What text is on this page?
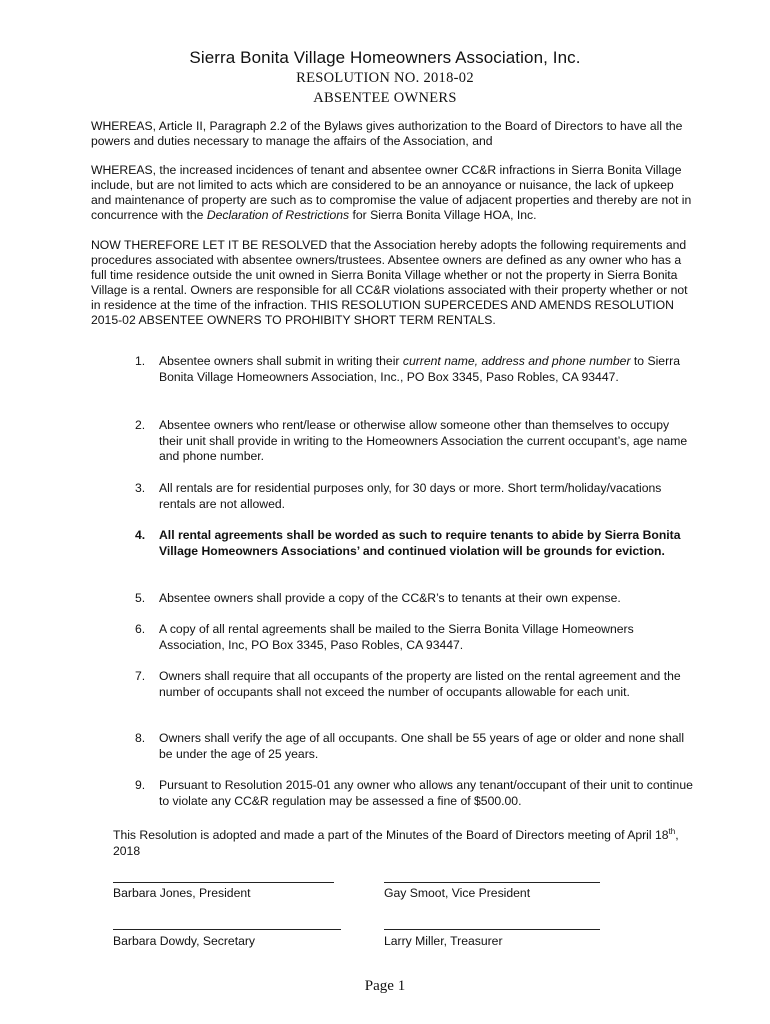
Sierra Bonita Village Homeowners Association, Inc.
RESOLUTION NO. 2018-02
ABSENTEE OWNERS

WHEREAS, Article II, Paragraph 2.2 of the Bylaws gives authorization to the Board of Directors to have all the powers and duties necessary to manage the affairs of the Association, and

WHEREAS, the increased incidences of tenant and absentee owner CC&R infractions in Sierra Bonita Village include, but are not limited to acts which are considered to be an annoyance or nuisance, the lack of upkeep and maintenance of property are such as to compromise the value of adjacent properties and thereby are not in concurrence with the Declaration of Restrictions for Sierra Bonita Village HOA, Inc.

NOW THEREFORE LET IT BE RESOLVED that the Association hereby adopts the following requirements and procedures associated with absentee owners/trustees. Absentee owners are defined as any owner who has a full time residence outside the unit owned in Sierra Bonita Village whether or not the property in Sierra Bonita Village is a rental. Owners are responsible for all CC&R violations associated with their property whether or not in residence at the time of the infraction. THIS RESOLUTION SUPERCEDES AND AMENDS RESOLUTION 2015-02 ABSENTEE OWNERS TO PROHIBITY SHORT TERM RENTALS.

1. Absentee owners shall submit in writing their current name, address and phone number to Sierra Bonita Village Homeowners Association, Inc., PO Box 3345, Paso Robles, CA 93447.
2. Absentee owners who rent/lease or otherwise allow someone other than themselves to occupy their unit shall provide in writing to the Homeowners Association the current occupant’s, age name and phone number.
3. All rentals are for residential purposes only, for 30 days or more. Short term/holiday/vacations rentals are not allowed.
4. All rental agreements shall be worded as such to require tenants to abide by Sierra Bonita Village Homeowners Associations’ and continued violation will be grounds for eviction.
5. Absentee owners shall provide a copy of the CC&R’s to tenants at their own expense.
6. A copy of all rental agreements shall be mailed to the Sierra Bonita Village Homeowners Association, Inc, PO Box 3345, Paso Robles, CA 93447.
7. Owners shall require that all occupants of the property are listed on the rental agreement and the number of occupants shall not exceed the number of occupants allowable for each unit.
8. Owners shall verify the age of all occupants. One shall be 55 years of age or older and none shall be under the age of 25 years.
9. Pursuant to Resolution 2015-01 any owner who allows any tenant/occupant of their unit to continue to violate any CC&R regulation may be assessed a fine of $500.00.
This Resolution is adopted and made a part of the Minutes of the Board of Directors meeting of April 18th, 2018
Barbara Jones, President	Gay Smoot, Vice President
Barbara Dowdy, Secretary	Larry Miller, Treasurer
Page 1
